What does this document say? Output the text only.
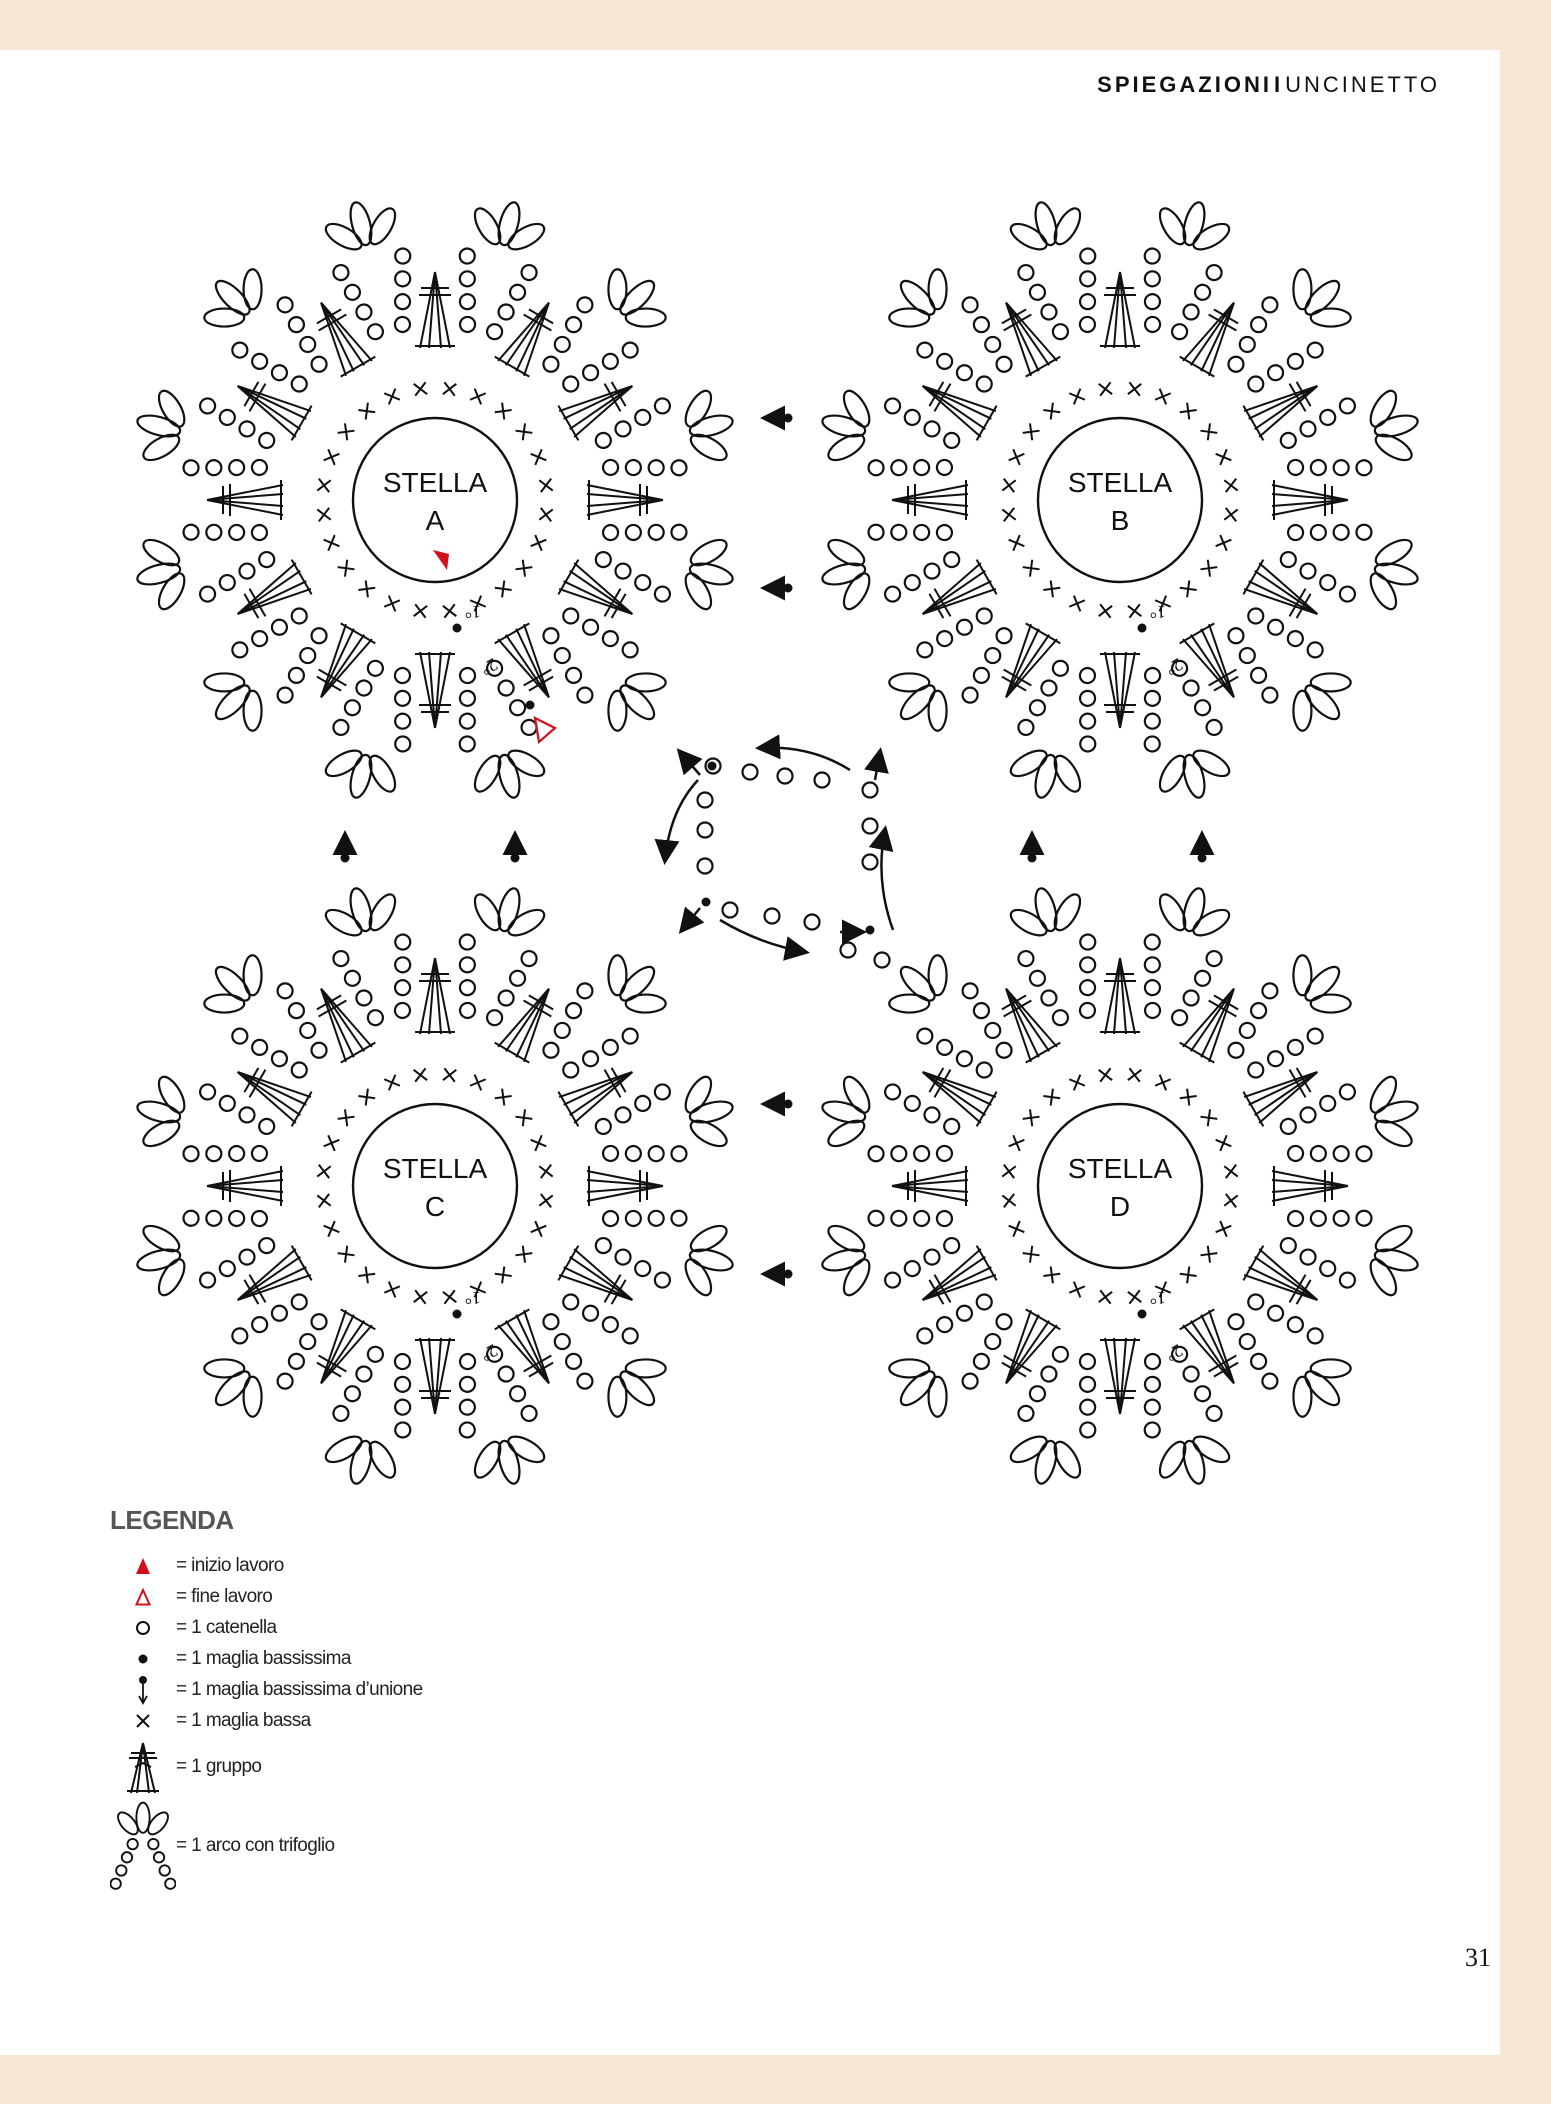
SPIEGAZIONIIUNCINETTO
STELLA
A
1°
2°
STELLA
B
1°
2°
STELLA
C
1°
2°
STELLA
D
1°
2°
LEGENDA
= inizio lavoro
= fine lavoro
= 1 catenella
= 1 maglia bassissima
= 1 maglia bassissima d’unione
= 1 maglia bassa
= 1 gruppo
= 1 arco con trifoglio
31
